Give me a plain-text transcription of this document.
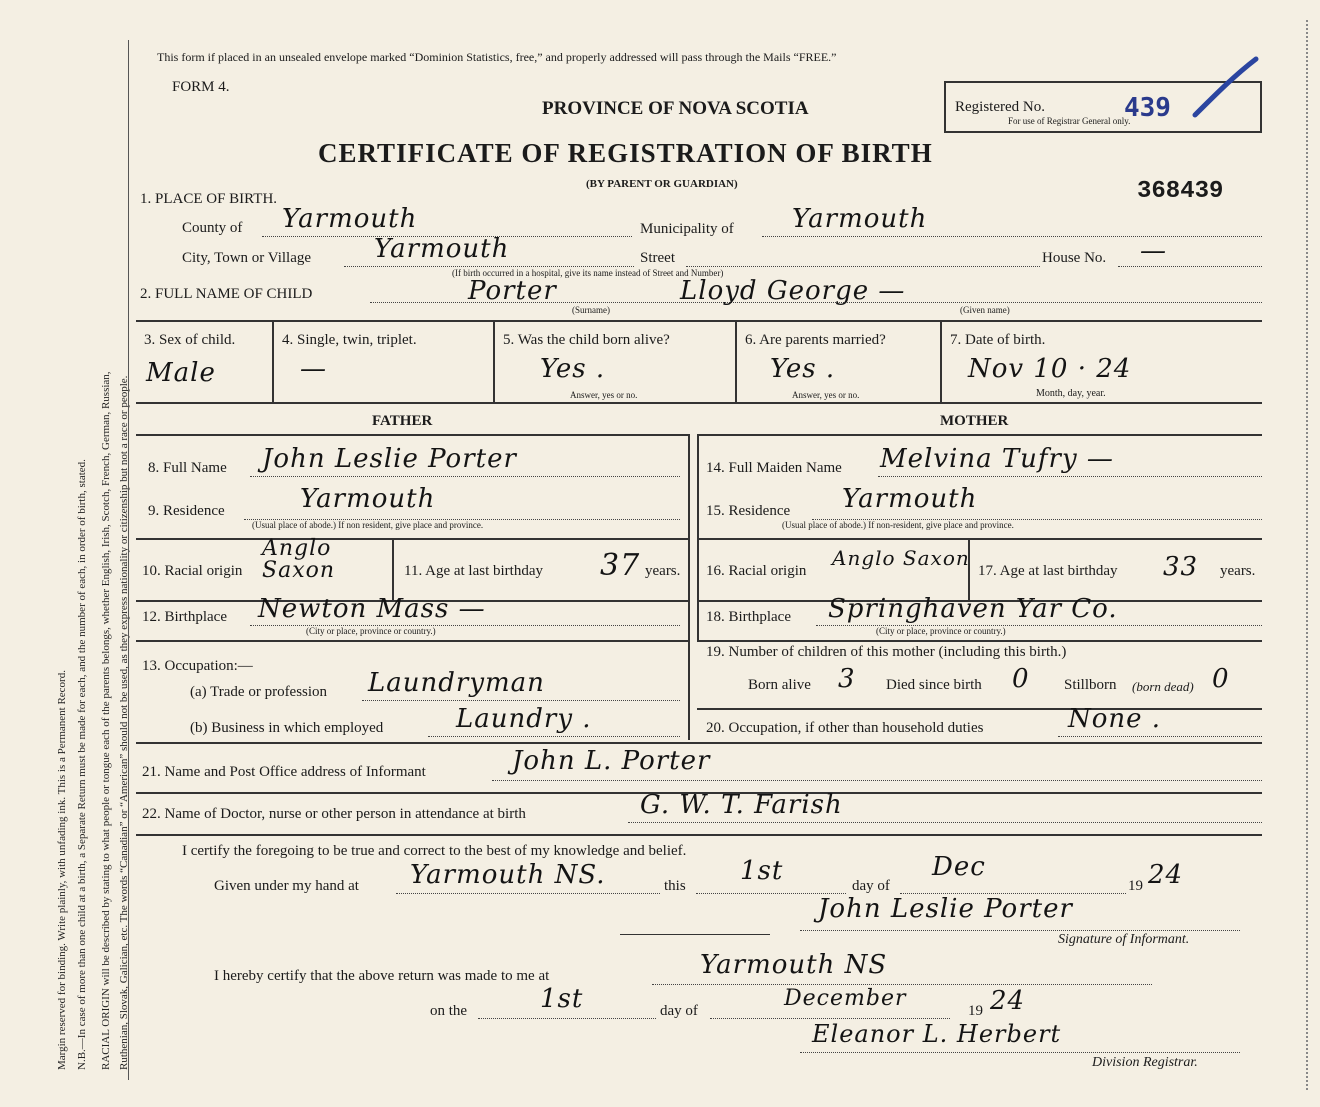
Margin reserved for binding. Write plainly, with unfading ink. This is a Permanent Record. N.B.—In case of more than one child at a birth, a Separate Return must be made for each, and the number of each, in order of birth, stated. RACIAL ORIGIN will be described by stating to what people or tongue each of the parents belongs, whether English, Irish, Scotch, French, German, Russian, Ruthenian, Slovak, Galician, etc. The words “Canadian” or “American” should not be used, as they express nationality or citizenship but not a race or people.
This form if placed in an unsealed envelope marked “Dominion Statistics, free,” and properly addressed will pass through the Mails “FREE.”
FORM 4.
PROVINCE OF NOVA SCOTIA
CERTIFICATE OF REGISTRATION OF BIRTH
(BY PARENT OR GUARDIAN)	368439
Registered No.	439
For use of Registrar General only.
1. PLACE OF BIRTH.
County of Yarmouth	Municipality of Yarmouth
City, Town or Village Yarmouth	Street
(If birth occurred in a hospital, give its name instead of Street and Number)
House No. —
2. FULL NAME OF CHILD	Porter	Lloyd George —
(Surname)	(Given name)
3. Sex of child.
Male
4. Single, twin, triplet.
—
5. Was the child born alive?
Yes .
Answer, yes or no.
6. Are parents married?
Yes .
Answer, yes or no.
7. Date of birth.
Nov 10 · 24
Month, day, year.
FATHER	MOTHER
8. Full Name John Leslie Porter
9. Residence	Yarmouth
(Usual place of abode.) If non resident, give place and province.
14. Full Maiden Name Melvina Tufry —
15. Residence Yarmouth
(Usual place of abode.) If non-resident, give place and province.
10. Racial origin
Anglo Saxon	11. Age at last birthday 37 years. 16. Racial origin
Anglo Saxon
17. Age at last birthday 33 years.
12. Birthplace Newton Mass —
(City or place, province or country.)
18. Birthplace Springhaven Yar Co.
(City or place, province or country.)
13. Occupation:—
(a) Trade or profession Laundryman
(b) Business in which employed	Laundry .
19. Number of children of this mother (including this birth.)
Born alive 3 Died since birth 0 Stillborn (born dead) 0
20. Occupation, if other than household duties	None .
21. Name and Post Office address of Informant	John L. Porter
22. Name of Doctor, nurse or other person in attendance at birth	G. W. T. Farish
I certify the foregoing to be true and correct to the best of my knowledge and belief.
Given under my hand at Yarmouth NS.	this 1st	day of
Dec
19 24
John Leslie Porter
Signature of Informant.
I hereby certify that the above return was made to me at	Yarmouth NS
on the	1st	day of	December	19 24
Eleanor L. Herbert
Division Registrar.
